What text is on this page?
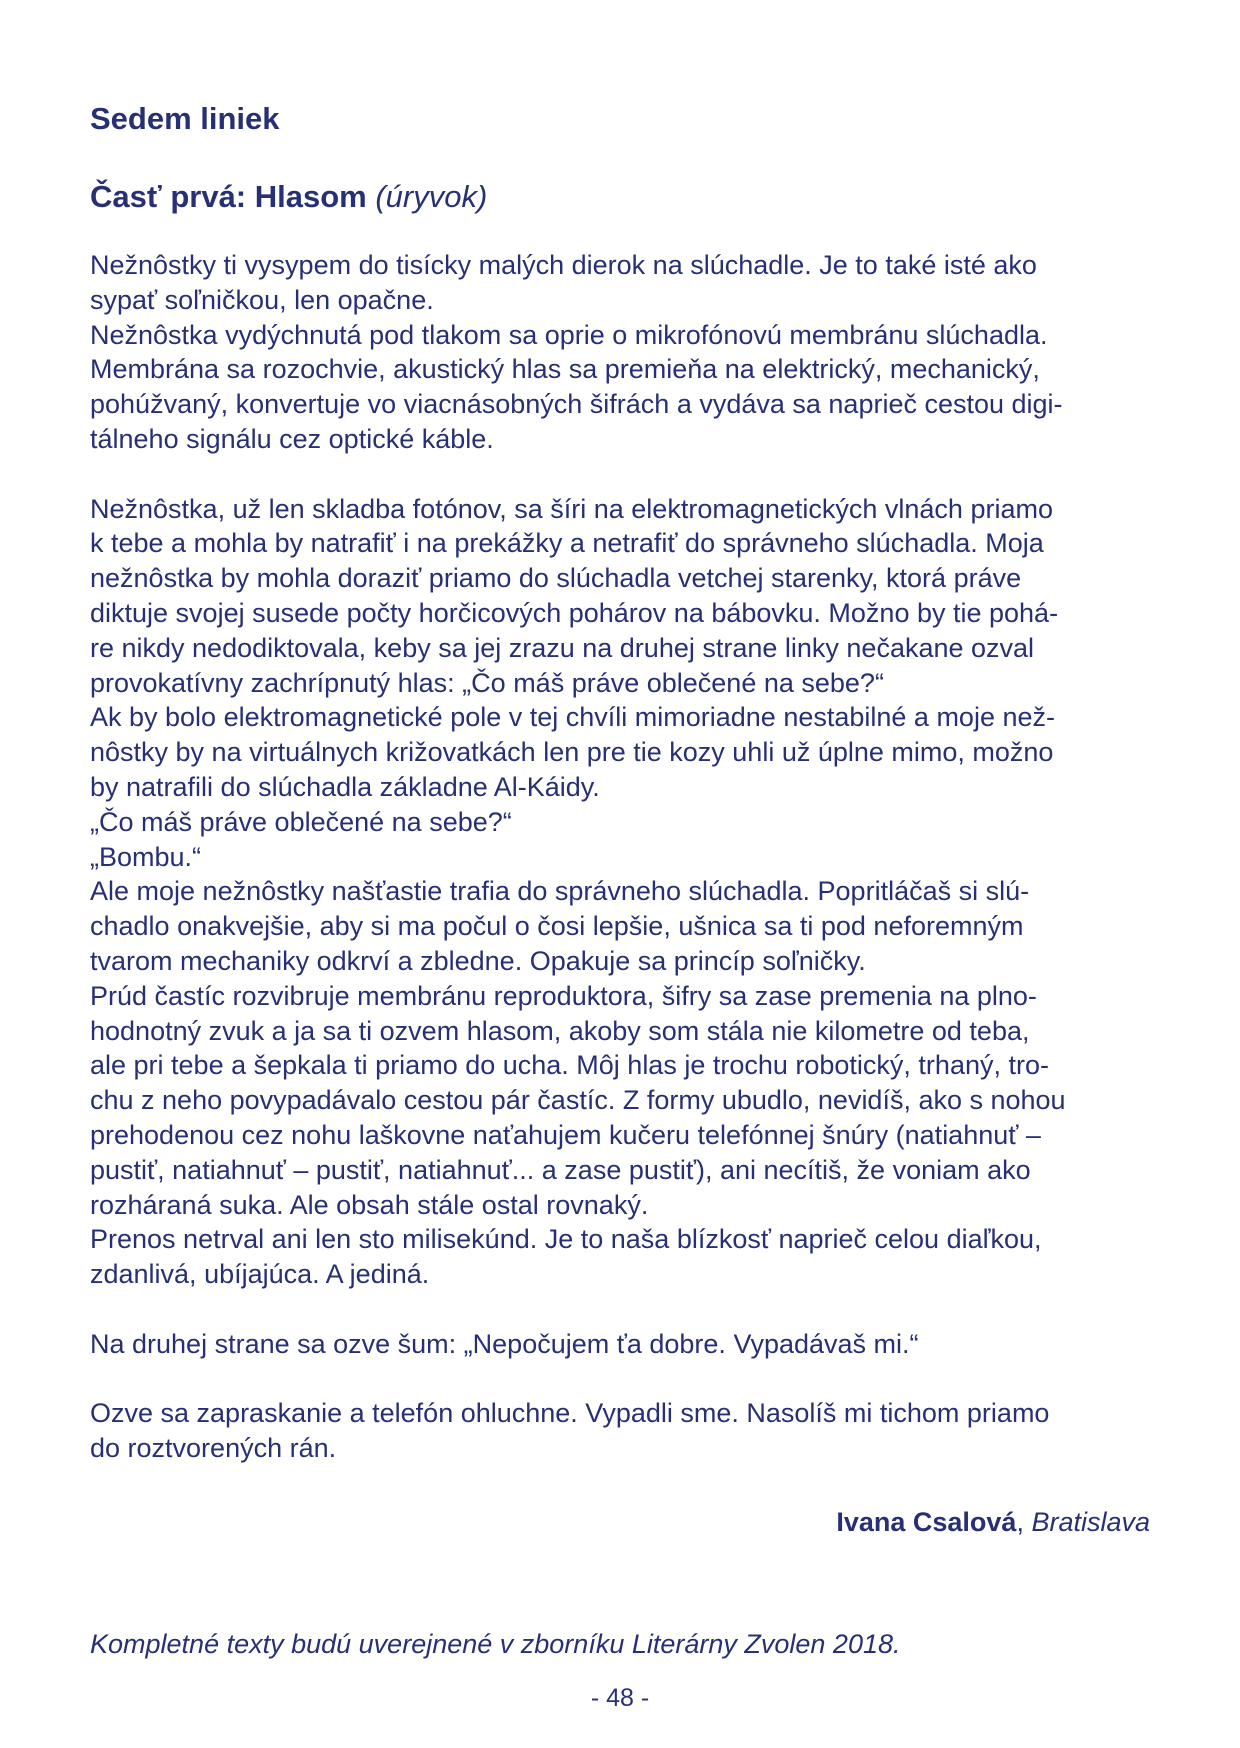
Sedem liniek
Časť prvá: Hlasom (úryvok)
Nežnôstky ti vysypem do tisícky malých dierok na slúchadle. Je to také isté ako
sypať soľničkou, len opačne.
Nežnôstka vydýchnutá pod tlakom sa oprie o mikrofónovú membránu slúchadla.
Membrána sa rozochvie, akustický hlas sa premieňa na elektrický, mechanický,
pohúžvaný, konvertuje vo viacnásobných šifrách a vydáva sa naprieč cestou digi-
tálneho signálu cez optické káble.
Nežnôstka, už len skladba fotónov, sa šíri na elektromagnetických vlnách priamo
k tebe a mohla by natrafiť i na prekážky a netrafiť do správneho slúchadla. Moja
nežnôstka by mohla doraziť priamo do slúchadla vetchej starenky, ktorá práve
diktuje svojej susede počty horčicových pohárov na bábovku. Možno by tie pohá-
re nikdy nedodiktovala, keby sa jej zrazu na druhej strane linky nečakane ozval
provokatívny zachrípnutý hlas: „Čo máš práve oblečené na sebe?“
Ak by bolo elektromagnetické pole v tej chvíli mimoriadne nestabilné a moje než-
nôstky by na virtuálnych križovatkách len pre tie kozy uhli už úplne mimo, možno
by natrafili do slúchadla základne Al-Káidy.
„Čo máš práve oblečené na sebe?“
„Bombu.“
Ale moje nežnôstky našťastie trafia do správneho slúchadla. Popritláčaš si slú-
chadlo onakvejšie, aby si ma počul o čosi lepšie, ušnica sa ti pod neforemným
tvarom mechaniky odkrví a zbledne. Opakuje sa princíp soľničky.
Prúd častíc rozvibruje membránu reproduktora, šifry sa zase premenia na plno-
hodnotný zvuk a ja sa ti ozvem hlasom, akoby som stála nie kilometre od teba,
ale pri tebe a šepkala ti priamo do ucha. Môj hlas je trochu robotický, trhaný, tro-
chu z neho povypadávalo cestou pár častíc. Z formy ubudlo, nevidíš, ako s nohou
prehodenou cez nohu laškovne naťahujem kučeru telefónnej šnúry (natiahnuť –
pustiť, natiahnuť – pustiť, natiahnuť... a zase pustiť), ani necítiš, že voniam ako
rozháraná suka. Ale obsah stále ostal rovnaký.
Prenos netrval ani len sto milisekúnd. Je to naša blízkosť naprieč celou diaľkou,
zdanlivá, ubíjajúca. A jediná.
Na druhej strane sa ozve šum: „Nepočujem ťa dobre. Vypadávaš mi.“
Ozve sa zapraskanie a telefón ohluchne. Vypadli sme. Nasolíš mi tichom priamo
do roztvorených rán.
Ivana Csalová, Bratislava
Kompletné texty budú uverejnené v zborníku Literárny Zvolen 2018.
- 48 -
